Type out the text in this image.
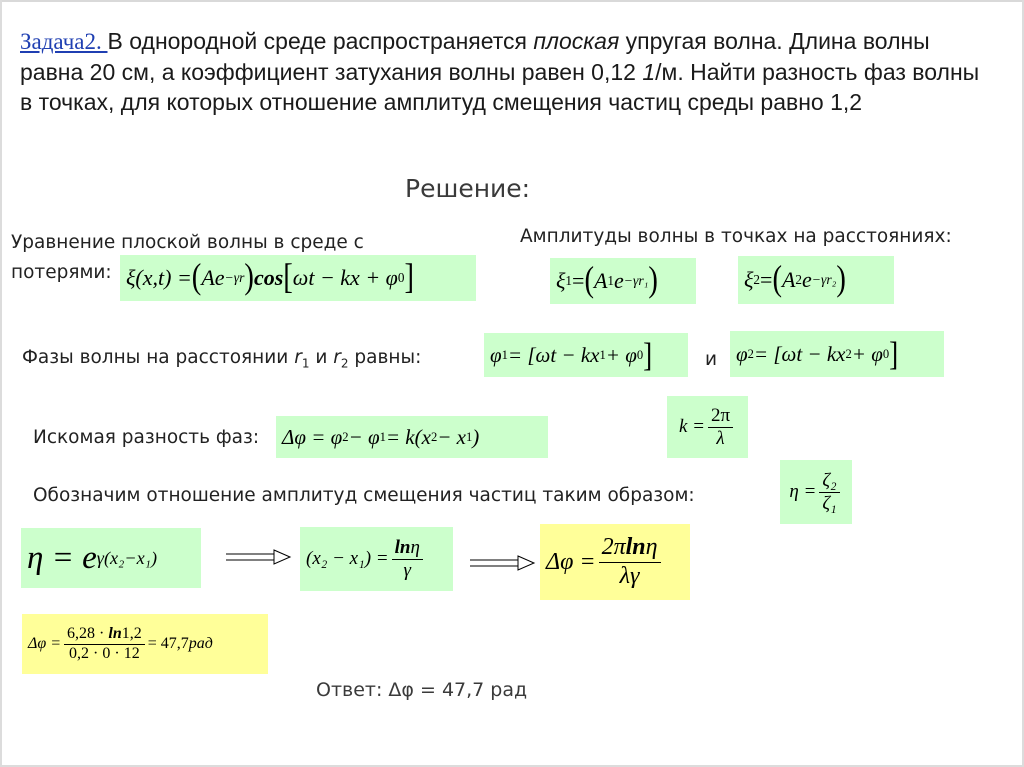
Задача2. В однородной среде распространяется плоская упругая волна. Длина волны равна 20 см, а коэффициент затухания волны равен 0,12 1/м. Найти разность фаз волны в точках, для которых отношение амплитуд смещения частиц среды равно 1,2
Решение:
Уравнение плоской волны в среде с потерями: ξ(x,t) = ( Ae −γr ) cos [ ωt − kx + φ 0 ]
Амплитуды волны в точках на расстояниях:
ξ 1 = ( A 1 e −γr₁ )	ξ 2 = ( A 2 e −γr₂ )
Фазы волны на расстоянии $r_1$ и $r_2$ равны:	φ 1 = [ωt − kx 1 + φ 0 ]	и φ 2 = [ωt − kx 2 + φ 0 ]
$k = \frac{2\pi}{\lambda}$
Искомая разность фаз: Δφ = φ 2 − φ 1 = k(x 2 − x 1 )
Обозначим отношение амплитуд смещения частиц таким образом:	$\eta = \frac{\text{ζ₂}}{\text{ζ₁}}$
η = e γ(x₂−x₁)	$(x_2 - x_1) = \frac{\ln\eta}{\gamma}$	$\Delta\varphi = \frac{2\pi\ln\eta}{\lambda\gamma}$
$\Delta\varphi = \frac{6,28 \cdot \ln 1,2}{0,2 \cdot 0 \cdot 12} = 47,7$ рад
Ответ: Δφ = 47,7 рад
